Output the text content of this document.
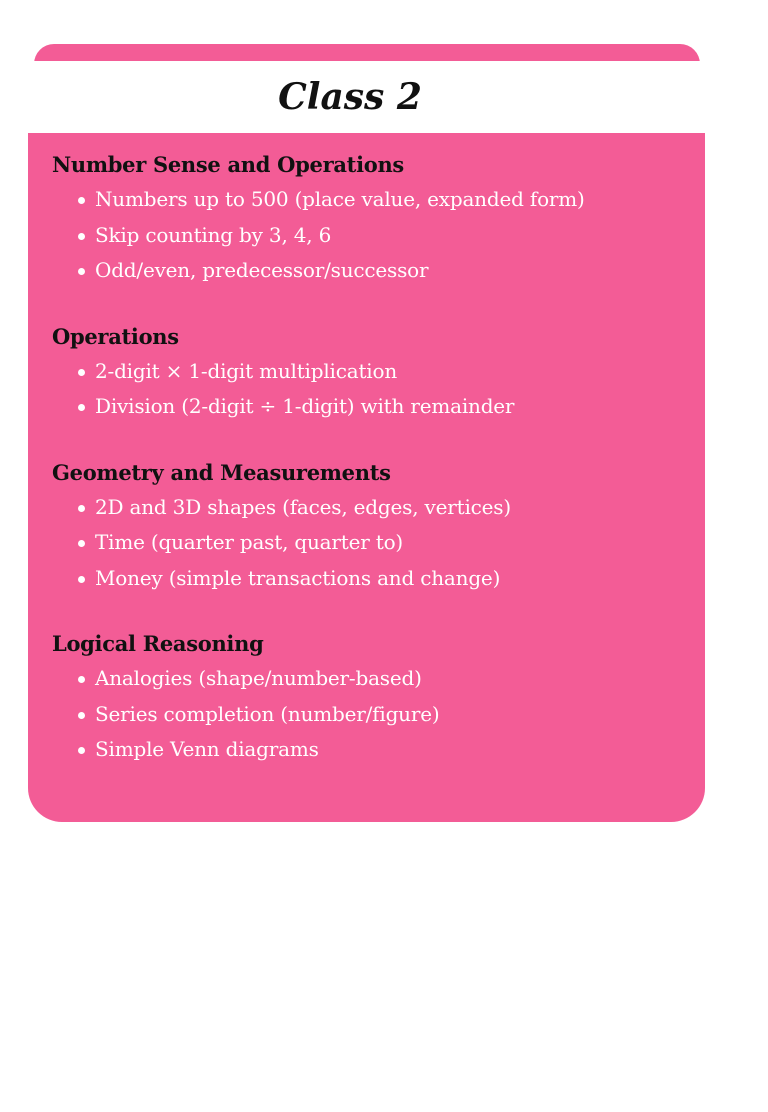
Class 2
Number Sense and Operations
Numbers up to 500 (place value, expanded form)
Skip counting by 3, 4, 6
Odd/even, predecessor/successor
Operations
2-digit × 1-digit multiplication
Division (2-digit ÷ 1-digit) with remainder
Geometry and Measurements
2D and 3D shapes (faces, edges, vertices)
Time (quarter past, quarter to)
Money (simple transactions and change)
Logical Reasoning
Analogies (shape/number-based)
Series completion (number/figure)
Simple Venn diagrams
